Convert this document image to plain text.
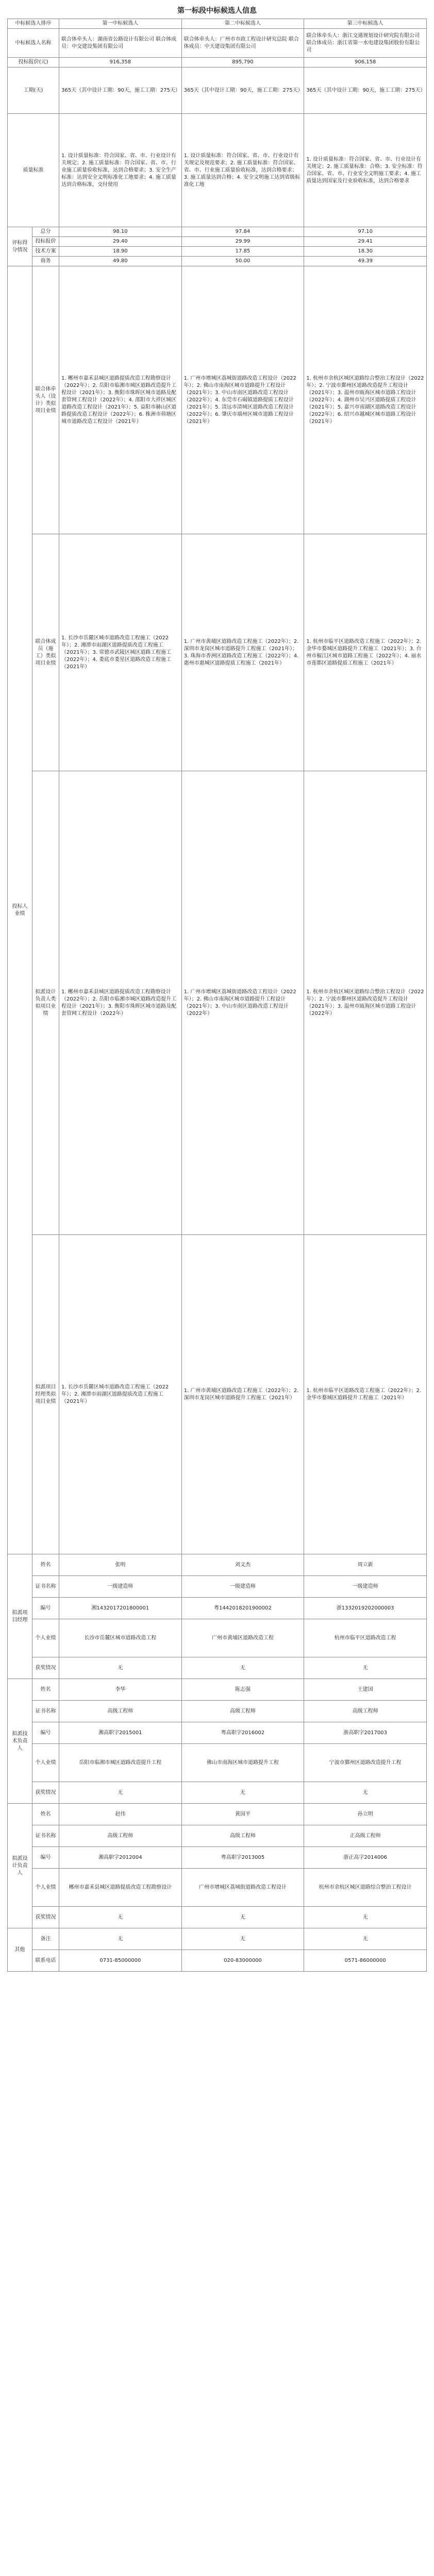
第一标段中标候选人信息
中标候选人排序		第一中标候选人	第二中标候选人	第三中标候选人
中标候选人名称		联合体牵头人：湖南省公路设计有限公司 联合体成员：中交建设集团有限公司	联合体牵头人：广州市市政工程设计研究总院 联合体成员：中天建设集团有限公司	联合体牵头人：浙江交通规划设计研究院有限公司 联合体成员：浙江省第一水电建设集团股份有限公司
投标报价(元)		916,358	895,790	906,158
工期(天)		365天（其中设计工期：90天，施工工期：275天）	365天（其中设计工期：90天，施工工期：275天）	365天（其中设计工期：90天，施工工期：275天）
质量标准		1. 设计质量标准：符合国家、省、市、行业设计有关规定；2. 施工质量标准：符合国家、省、市、行业施工质量验收标准，达到合格要求；3. 安全生产标准：达到安全文明标准化工地要求；4. 施工质量达到合格标准，交付使用	1. 设计质量标准：符合国家、省、市、行业设计有关规定及规范要求；2. 施工质量标准：符合国家、省、市、行业施工质量验收标准，达到合格要求；3. 施工质量达到合格；4. 安全文明施工达到省级标准化工地	1. 设计质量标准：符合国家、省、市、行业设计有关规定；2. 施工质量标准：合格；3. 安全标准：符合国家、省、市、行业安全文明施工要求；4. 施工质量达到国家及行业验收标准，达到合格要求
评标得分情况	总分	98.10	97.84	97.10
	投标报价	29.40	29.99	29.41
	技术方案	18.90	17.85	18.30
	商务	49.80	50.00	49.39
投标人业绩	联合体牵头人（设计）类似项目业绩	1. 郴州市嘉禾县城区道路提质改造工程勘察设计（2022年）；2. 岳阳市临湘市城区道路改造提升工程设计（2021年）；3. 衡阳市珠晖区城市道路及配套管网工程设计（2022年）；4. 邵阳市大祥区城区道路改造工程设计（2021年）；5. 益阳市赫山区道路提质改造工程设计（2022年）；6. 株洲市荷塘区城市道路改造工程设计（2021年）	1. 广州市增城区荔城街道路改造工程设计（2022年）；2. 佛山市南海区城市道路提升工程设计（2021年）；3. 中山市南区道路改造工程设计（2022年）；4. 东莞市石碣镇道路提质工程设计（2021年）；5. 清远市清城区道路改造工程设计（2022年）；6. 肇庆市端州区城市道路工程设计（2021年）	1. 杭州市余杭区城区道路综合整治工程设计（2022年）；2. 宁波市鄞州区道路改造提升工程设计（2021年）；3. 温州市瓯海区城市道路工程设计（2022年）；4. 湖州市吴兴区道路提质工程设计（2021年）；5. 嘉兴市南湖区道路改造工程设计（2022年）；6. 绍兴市越城区城市道路工程设计（2021年）
	联合体成员（施工）类似项目业绩	1. 长沙市岳麓区城市道路改造工程施工（2022年）；2. 湘潭市雨湖区道路提质改造工程施工（2021年）；3. 常德市武陵区城区道路工程施工（2022年）；4. 娄底市娄星区道路改造工程施工（2021年）	1. 广州市黄埔区道路改造工程施工（2022年）；2. 深圳市龙岗区城市道路提升工程施工（2021年）；3. 珠海市香洲区道路改造工程施工（2022年）；4. 惠州市惠城区道路提质工程施工（2021年）	1. 杭州市临平区道路改造工程施工（2022年）；2. 金华市婺城区道路提升工程施工（2021年）；3. 台州市椒江区城市道路工程施工（2022年）；4. 丽水市莲都区道路提质工程施工（2021年）
	拟派设计负责人类似项目业绩	1. 郴州市嘉禾县城区道路提质改造工程勘察设计（2022年）；2. 岳阳市临湘市城区道路改造提升工程设计（2021年）；3. 衡阳市珠晖区城市道路及配套管网工程设计（2022年）	1. 广州市增城区荔城街道路改造工程设计（2022年）；2. 佛山市南海区城市道路提升工程设计（2021年）；3. 中山市南区道路改造工程设计（2022年）	1. 杭州市余杭区城区道路综合整治工程设计（2022年）；2. 宁波市鄞州区道路改造提升工程设计（2021年）；3. 温州市瓯海区城市道路工程设计（2022年）
	拟派项目经理类似项目业绩	1. 长沙市岳麓区城市道路改造工程施工（2022年）；2. 湘潭市雨湖区道路提质改造工程施工（2021年）	1. 广州市黄埔区道路改造工程施工（2022年）；2. 深圳市龙岗区城市道路提升工程施工（2021年）	1. 杭州市临平区道路改造工程施工（2022年）；2. 金华市婺城区道路提升工程施工（2021年）
拟派项目经理	姓名	张明	刘文杰	周立新
	证书名称	一级建造师	一级建造师	一级建造师
	编号	湘1432017201800001	粤1442018201900002	浙1332019202000003
	个人业绩	长沙市岳麓区城市道路改造工程	广州市黄埔区道路改造工程	杭州市临平区道路改造工程
	获奖情况	无	无	无
拟派技术负责人	姓名	李华	陈志强	王建国
	证书名称	高级工程师	高级工程师	高级工程师
	编号	湘高职字2015001	粤高职字2016002	浙高职字2017003
	个人业绩	岳阳市临湘市城区道路改造提升工程	佛山市南海区城市道路提升工程	宁波市鄞州区道路改造提升工程
	获奖情况	无	无	无
拟派设计负责人	姓名	赵伟	黄国平	孙立明
	证书名称	高级工程师	高级工程师	正高级工程师
	编号	湘高职字2012004	粤高职字2013005	浙正高字2014006
	个人业绩	郴州市嘉禾县城区道路提质改造工程勘察设计	广州市增城区荔城街道路改造工程设计	杭州市余杭区城区道路综合整治工程设计
	获奖情况	无	无	无
其他	备注	无	无	无
	联系电话	0731-85000000	020-83000000	0571-86000000
